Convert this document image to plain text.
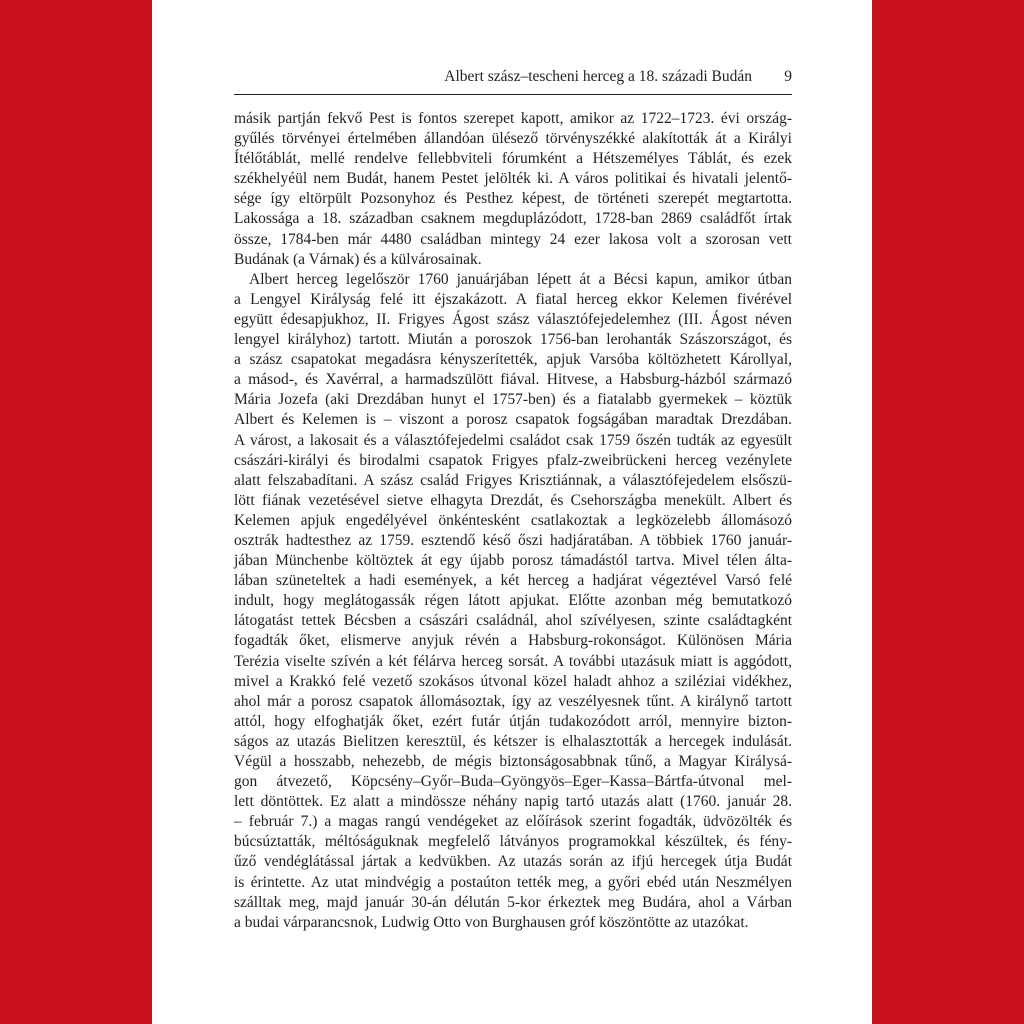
Albert szász–tescheni herceg a 18. századi Budán 9
másik partján fekvő Pest is fontos szerepet kapott, amikor az 1722–1723. évi ország-
gyűlés törvényei értelmében állandóan ülésező törvényszékké alakították át a Királyi
Ítélőtáblát, mellé rendelve fellebbviteli fórumként a Hétszemélyes Táblát, és ezek
székhelyéül nem Budát, hanem Pestet jelölték ki. A város politikai és hivatali jelentő-
sége így eltörpült Pozsonyhoz és Pesthez képest, de történeti szerepét megtartotta.
Lakossága a 18. században csaknem megduplázódott, 1728-ban 2869 családfőt írtak
össze, 1784-ben már 4480 családban mintegy 24 ezer lakosa volt a szorosan vett
Budának (a Várnak) és a külvárosainak.
Albert herceg legelőször 1760 januárjában lépett át a Bécsi kapun, amikor útban
a Lengyel Királyság felé itt éjszakázott. A fiatal herceg ekkor Kelemen fivérével
együtt édesapjukhoz, II. Frigyes Ágost szász választófejedelemhez (III. Ágost néven
lengyel királyhoz) tartott. Miután a poroszok 1756-ban lerohanták Szászországot, és
a szász csapatokat megadásra kényszerítették, apjuk Varsóba költözhetett Károllyal,
a másod-, és Xavérral, a harmadszülött fiával. Hitvese, a Habsburg-házból származó
Mária Jozefa (aki Drezdában hunyt el 1757-ben) és a fiatalabb gyermekek – köztük
Albert és Kelemen is – viszont a porosz csapatok fogságában maradtak Drezdában.
A várost, a lakosait és a választófejedelmi családot csak 1759 őszén tudták az egyesült
császári-királyi és birodalmi csapatok Frigyes pfalz-zweibrückeni herceg vezénylete
alatt felszabadítani. A szász család Frigyes Krisztiánnak, a választófejedelem elsőszü-
lött fiának vezetésével sietve elhagyta Drezdát, és Csehországba menekült. Albert és
Kelemen apjuk engedélyével önkéntesként csatlakoztak a legközelebb állomásozó
osztrák hadtesthez az 1759. esztendő késő őszi hadjáratában. A többiek 1760 január-
jában Münchenbe költöztek át egy újabb porosz támadástól tartva. Mivel télen álta-
lában szüneteltek a hadi események, a két herceg a hadjárat végeztével Varsó felé
indult, hogy meglátogassák régen látott apjukat. Előtte azonban még bemutatkozó
látogatást tettek Bécsben a császári családnál, ahol szívélyesen, szinte családtagként
fogadták őket, elismerve anyjuk révén a Habsburg-rokonságot. Különösen Mária
Terézia viselte szívén a két félárva herceg sorsát. A további utazásuk miatt is aggódott,
mivel a Krakkó felé vezető szokásos útvonal közel haladt ahhoz a sziléziai vidékhez,
ahol már a porosz csapatok állomásoztak, így az veszélyesnek tűnt. A királynő tartott
attól, hogy elfoghatják őket, ezért futár útján tudakozódott arról, mennyire bizton-
ságos az utazás Bielitzen keresztül, és kétszer is elhalasztották a hercegek indulását.
Végül a hosszabb, nehezebb, de mégis biztonságosabbnak tűnő, a Magyar Királysá-
gon átvezető, Köpcsény–Győr–Buda–Gyöngyös–Eger–Kassa–Bártfa-útvonal mel-
lett döntöttek. Ez alatt a mindössze néhány napig tartó utazás alatt (1760. január 28.
– február 7.) a magas rangú vendégeket az előírások szerint fogadták, üdvözölték és
búcsúztatták, méltóságuknak megfelelő látványos programokkal készültek, és fény-
űző vendéglátással jártak a kedvükben. Az utazás során az ifjú hercegek útja Budát
is érintette. Az utat mindvégig a postaúton tették meg, a győri ebéd után Neszmélyen
szálltak meg, majd január 30-án délután 5-kor érkeztek meg Budára, ahol a Várban
a budai várparancsnok, Ludwig Otto von Burghausen gróf köszöntötte az utazókat.
